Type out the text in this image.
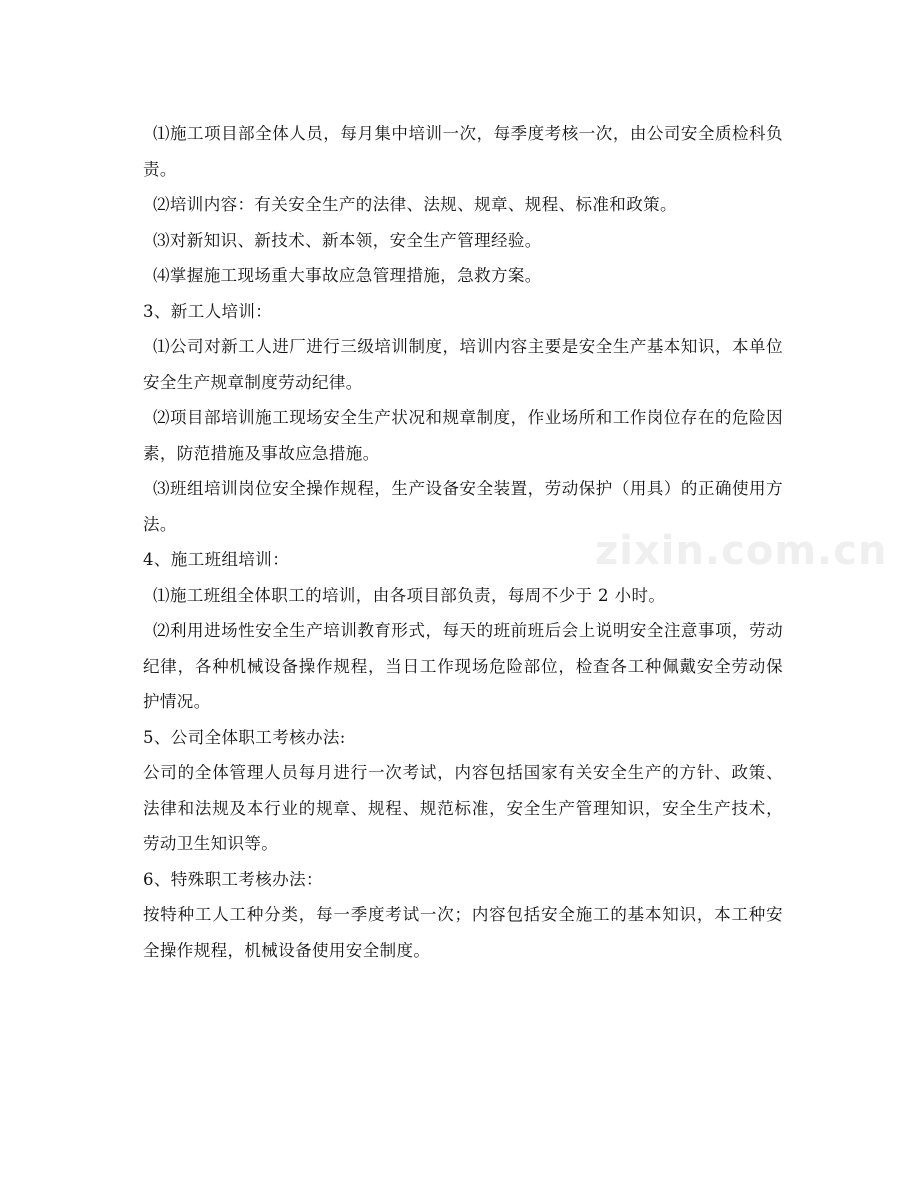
⑴施工项目部全体人员，每月集中培训一次，每季度考核一次，由公司安全质检科负责。

⑵培训内容：有关安全生产的法律、法规、规章、规程、标准和政策。

⑶对新知识、新技术、新本领，安全生产管理经验。

⑷掌握施工现场重大事故应急管理措施，急救方案。

3、新工人培训：

⑴公司对新工人进厂进行三级培训制度，培训内容主要是安全生产基本知识，本单位安全生产规章制度劳动纪律。

⑵项目部培训施工现场安全生产状况和规章制度，作业场所和工作岗位存在的危险因素，防范措施及事故应急措施。

⑶班组培训岗位安全操作规程，生产设备安全装置，劳动保护（用具）的正确使用方法。

4、施工班组培训：

⑴施工班组全体职工的培训，由各项目部负责，每周不少于 2 小时。

⑵利用进场性安全生产培训教育形式，每天的班前班后会上说明安全注意事项，劳动纪律，各种机械设备操作规程，当日工作现场危险部位，检查各工种佩戴安全劳动保护情况。

5、公司全体职工考核办法:

公司的全体管理人员每月进行一次考试，内容包括国家有关安全生产的方针、政策、法律和法规及本行业的规章、规程、规范标准，安全生产管理知识，安全生产技术，劳动卫生知识等。

6、特殊职工考核办法：

按特种工人工种分类，每一季度考试一次；内容包括安全施工的基本知识，本工种安全操作规程，机械设备使用安全制度。

zixin.com.cn
